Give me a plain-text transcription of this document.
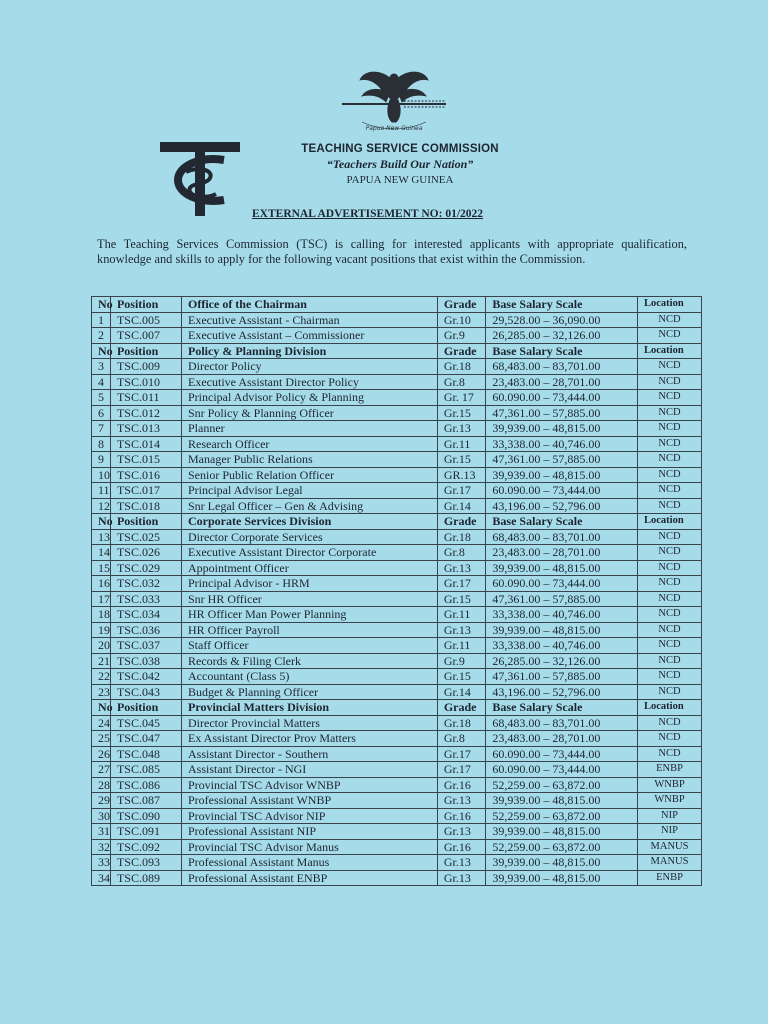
Papua New Guinea
TSC
TEACHING SERVICE COMMISSION
“Teachers Build Our Nation”
PAPUA NEW GUINEA
EXTERNAL ADVERTISEMENT NO: 01/2022
The Teaching Services Commission (TSC) is calling for interested applicants with appropriate qualification, knowledge and skills to apply for the following vacant positions that exist within the Commission.
No	Position	Office of the Chairman	Grade	Base Salary Scale	Location
1	TSC.005	Executive Assistant - Chairman	Gr.10	29,528.00 – 36,090.00	NCD
2	TSC.007	Executive Assistant – Commissioner	Gr.9	26,285.00 – 32,126.00	NCD
No	Position	Policy & Planning Division	Grade	Base Salary Scale	Location
3	TSC.009	Director Policy	Gr.18	68,483.00 – 83,701.00	NCD
4	TSC.010	Executive Assistant Director Policy	Gr.8	23,483.00 – 28,701.00	NCD
5	TSC.011	Principal Advisor Policy & Planning	Gr. 17	60.090.00 – 73,444.00	NCD
6	TSC.012	Snr Policy & Planning Officer	Gr.15	47,361.00 – 57,885.00	NCD
7	TSC.013	Planner	Gr.13	39,939.00 – 48,815.00	NCD
8	TSC.014	Research Officer	Gr.11	33,338.00 – 40,746.00	NCD
9	TSC.015	Manager Public Relations	Gr.15	47,361.00 – 57,885.00	NCD
10	TSC.016	Senior Public Relation Officer	GR.13	39,939.00 – 48,815.00	NCD
11	TSC.017	Principal Advisor Legal	Gr.17	60.090.00 – 73,444.00	NCD
12	TSC.018	Snr Legal Officer – Gen & Advising	Gr.14	43,196.00 – 52,796.00	NCD
No	Position	Corporate Services Division	Grade	Base Salary Scale	Location
13	TSC.025	Director Corporate Services	Gr.18	68,483.00 – 83,701.00	NCD
14	TSC.026	Executive Assistant Director Corporate	Gr.8	23,483.00 – 28,701.00	NCD
15	TSC.029	Appointment Officer	Gr.13	39,939.00 – 48,815.00	NCD
16	TSC.032	Principal Advisor - HRM	Gr.17	60.090.00 – 73,444.00	NCD
17	TSC.033	Snr HR Officer	Gr.15	47,361.00 – 57,885.00	NCD
18	TSC.034	HR Officer Man Power Planning	Gr.11	33,338.00 – 40,746.00	NCD
19	TSC.036	HR Officer Payroll	Gr.13	39,939.00 – 48,815.00	NCD
20	TSC.037	Staff Officer	Gr.11	33,338.00 – 40,746.00	NCD
21	TSC.038	Records & Filing Clerk	Gr.9	26,285.00 – 32,126.00	NCD
22	TSC.042	Accountant (Class 5)	Gr.15	47,361.00 – 57,885.00	NCD
23	TSC.043	Budget & Planning Officer	Gr.14	43,196.00 – 52,796.00	NCD
No	Position	Provincial Matters Division	Grade	Base Salary Scale	Location
24	TSC.045	Director Provincial Matters	Gr.18	68,483.00 – 83,701.00	NCD
25	TSC.047	Ex Assistant Director Prov Matters	Gr.8	23,483.00 – 28,701.00	NCD
26	TSC.048	Assistant Director - Southern	Gr.17	60.090.00 – 73,444.00	NCD
27	TSC.085	Assistant Director - NGI	Gr.17	60.090.00 – 73,444.00	ENBP
28	TSC.086	Provincial TSC Advisor WNBP	Gr.16	52,259.00 – 63,872.00	WNBP
29	TSC.087	Professional Assistant WNBP	Gr.13	39,939.00 – 48,815.00	WNBP
30	TSC.090	Provincial TSC Advisor NIP	Gr.16	52,259.00 – 63,872.00	NIP
31	TSC.091	Professional Assistant NIP	Gr.13	39,939.00 – 48,815.00	NIP
32	TSC.092	Provincial TSC Advisor Manus	Gr.16	52,259.00 – 63,872.00	MANUS
33	TSC.093	Professional Assistant Manus	Gr.13	39,939.00 – 48,815.00	MANUS
34	TSC.089	Professional Assistant ENBP	Gr.13	39,939.00 – 48,815.00	ENBP
